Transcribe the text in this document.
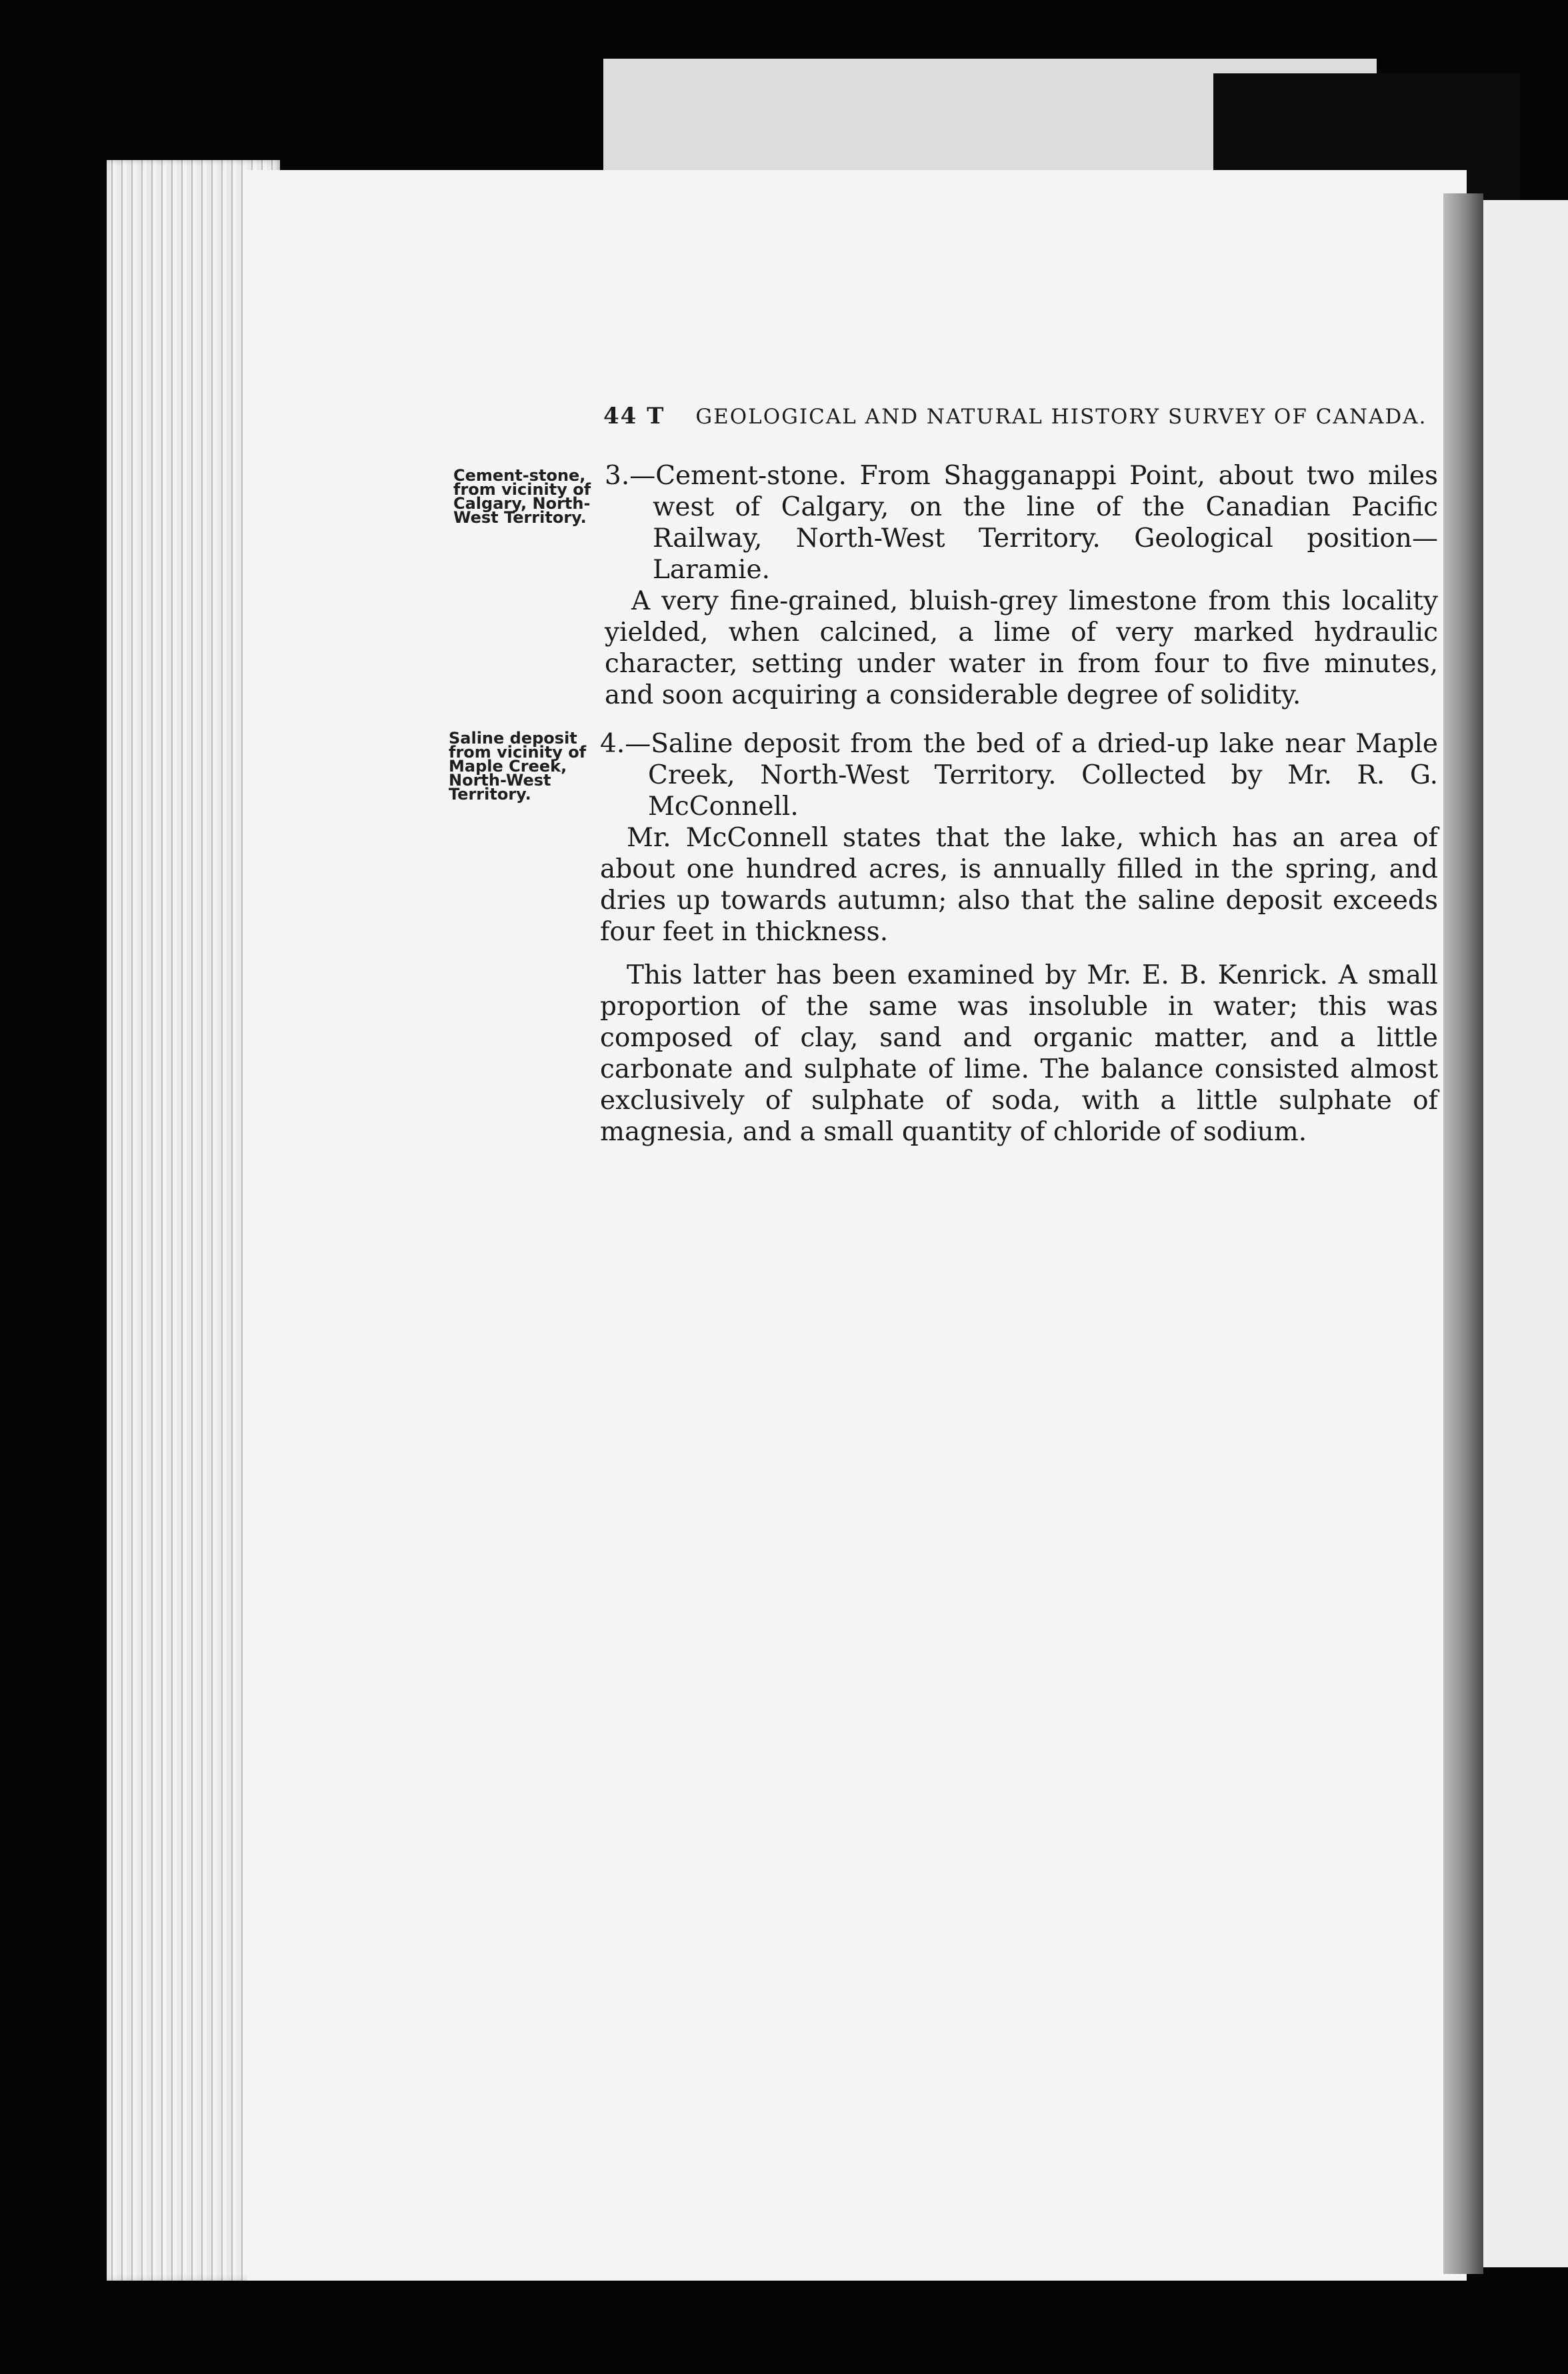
44 T GEOLOGICAL AND NATURAL HISTORY SURVEY OF CANADA.
Cement-stone, from vicinity of Calgary, North-West Territory.

3.—Cement-stone. From Shagganappi Point, about two miles west of Calgary, on the line of the Canadian Pacific Railway, North-West Territory. Geological position—Laramie.

A very fine-grained, bluish-grey limestone from this locality yielded, when calcined, a lime of very marked hydraulic character, setting under water in from four to five minutes, and soon acquiring a considerable degree of solidity.

Saline deposit from vicinity of Maple Creek, North-West Territory.

4.—Saline deposit from the bed of a dried-up lake near Maple Creek, North-West Territory. Collected by Mr. R. G. McConnell.

Mr. McConnell states that the lake, which has an area of about one hundred acres, is annually filled in the spring, and dries up towards autumn; also that the saline deposit exceeds four feet in thickness.

This latter has been examined by Mr. E. B. Kenrick. A small proportion of the same was insoluble in water; this was composed of clay, sand and organic matter, and a little carbonate and sulphate of lime. The balance consisted almost exclusively of sulphate of soda, with a little sulphate of magnesia, and a small quantity of chloride of sodium.
